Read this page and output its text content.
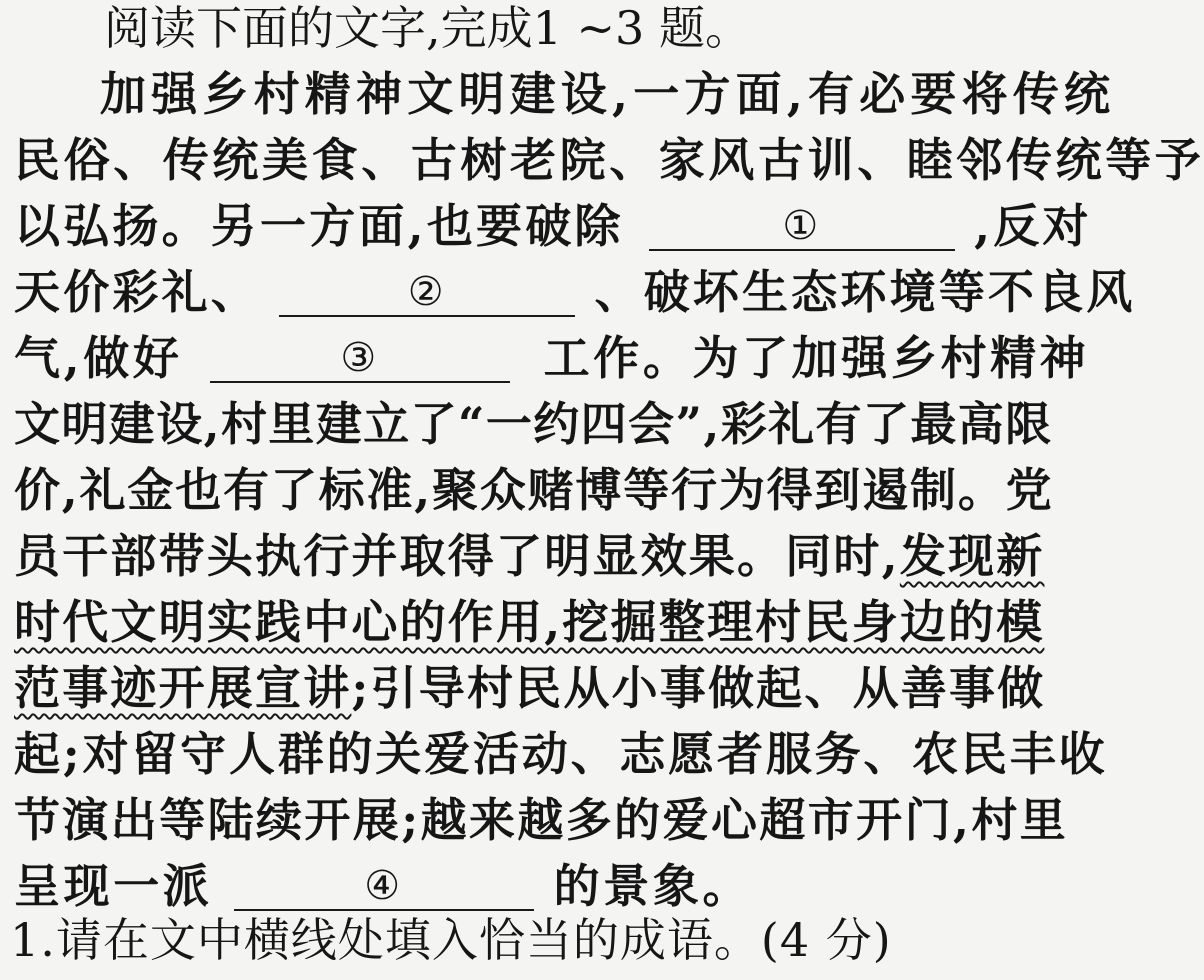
阅读下面的文字,完成1 ~3 题。
加强乡村精神文明建设,一方面,有必要将传统
民俗、传统美食、古树老院、家风古训、睦邻传统等予
以弘扬。另一方面,也要破除	①	,反对
天价彩礼、	②	、破坏生态环境等不良风
气,做好	③	工作。为了加强乡村精神
文明建设,村里建立了“一约四会”,彩礼有了最高限
价,礼金也有了标准,聚众赌博等行为得到遏制。党
员干部带头执行并取得了明显效果。同时,发现新
时代文明实践中心的作用,挖掘整理村民身边的模
范事迹开展宣讲;引导村民从小事做起、从善事做
起;对留守人群的关爱活动、志愿者服务、农民丰收
节演出等陆续开展;越来越多的爱心超市开门,村里
呈现一派	④	的景象。
1.请在文中横线处填入恰当的成语。(4 分)
